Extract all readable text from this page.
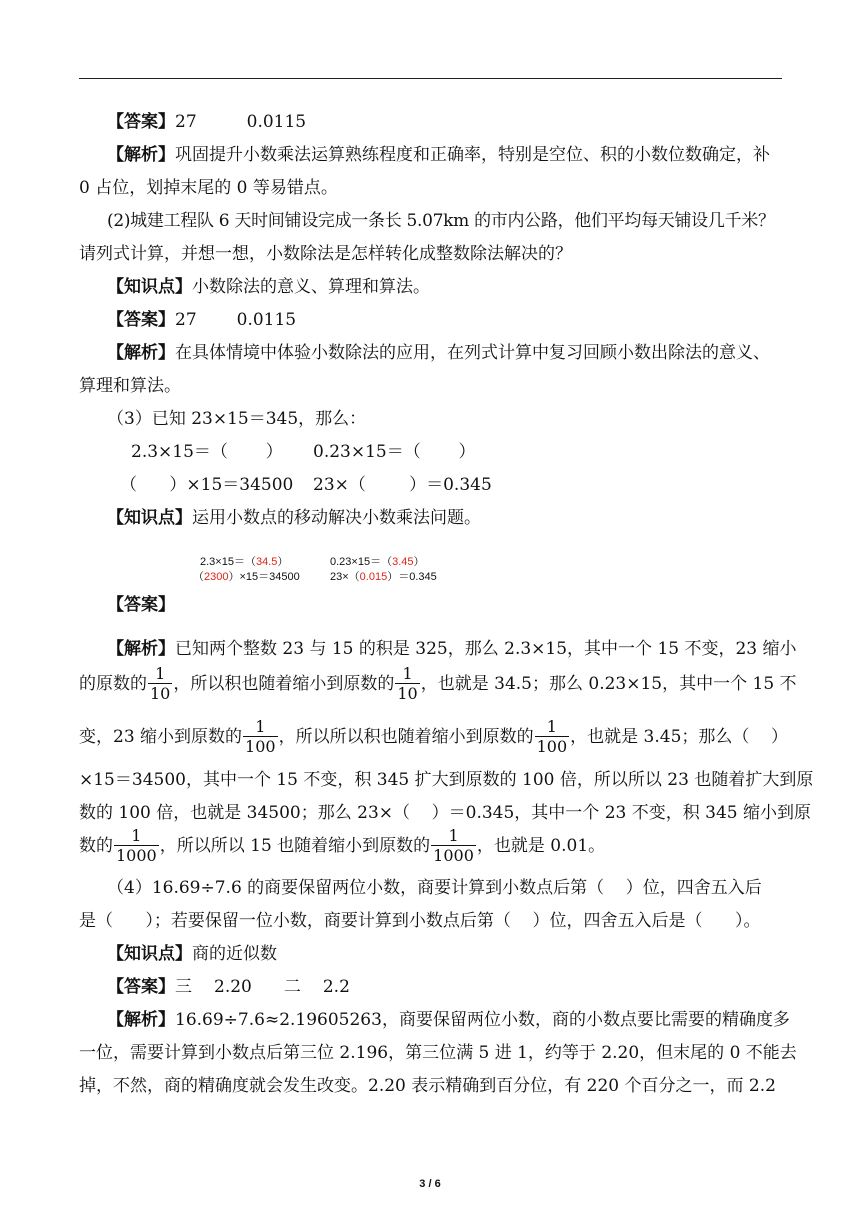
【答案】27	0.0115
【解析】巩固提升小数乘法运算熟练程度和正确率，特别是空位、积的小数位数确定，补
0 占位，划掉末尾的 0 等易错点。
(2)城建工程队 6 天时间铺设完成一条长 5.07km 的市内公路，他们平均每天铺设几千米？
请列式计算，并想一想，小数除法是怎样转化成整数除法解决的？
【知识点】小数除法的意义、算理和算法。
【答案】27 0.0115
【解析】在具体情境中体验小数除法的应用，在列式计算中复习回顾小数出除法的意义、
算理和算法。
（3）已知 23×15＝345，那么：
2.3×15＝（       ） 0.23×15＝（       ）
（      ）×15＝34500 23×（        ）＝0.345
【知识点】运用小数点的移动解决小数乘法问题。
2.3×15＝（34.5）	0.23×15＝（3.45）
【答案】
（2300）×15＝34500	23×（0.015）＝0.345
【解析】已知两个整数 23 与 15 的积是 325，那么 2.3×15，其中一个 15 不变，23 缩小
的原数的 $\frac{1}{10}$ ，所以积也随着缩小到原数的 $\frac{1}{10}$ ，也就是 34.5；那么 0.23×15，其中一个 15 不
变，23 缩小到原数的 $\frac{1}{100}$ ，所以所以积也随着缩小到原数的 $\frac{1}{100}$ ，也就是 3.45；那么（    ）
×15＝34500，其中一个 15 不变，积 345 扩大到原数的 100 倍，所以所以 23 也随着扩大到原
数的 100 倍，也就是 34500；那么 23×（    ）＝0.345，其中一个 23 不变，积 345 缩小到原
数的 $\frac{1}{1000}$ ，所以所以 15 也随着缩小到原数的 $\frac{1}{1000}$ ，也就是 0.01。
（4）16.69÷7.6 的商要保留两位小数，商要计算到小数点后第（    ）位，四舍五入后
是（      ）；若要保留一位小数，商要计算到小数点后第（    ）位，四舍五入后是（      ）。
【知识点】商的近似数
【答案】三 2.20 二 2.2
【解析】16.69÷7.6≈2.19605263，商要保留两位小数，商的小数点要比需要的精确度多
一位，需要计算到小数点后第三位 2.196，第三位满 5 进 1，约等于 2.20，但末尾的 0 不能去
掉，不然，商的精确度就会发生改变。2.20 表示精确到百分位，有 220 个百分之一，而 2.2
3 / 6
